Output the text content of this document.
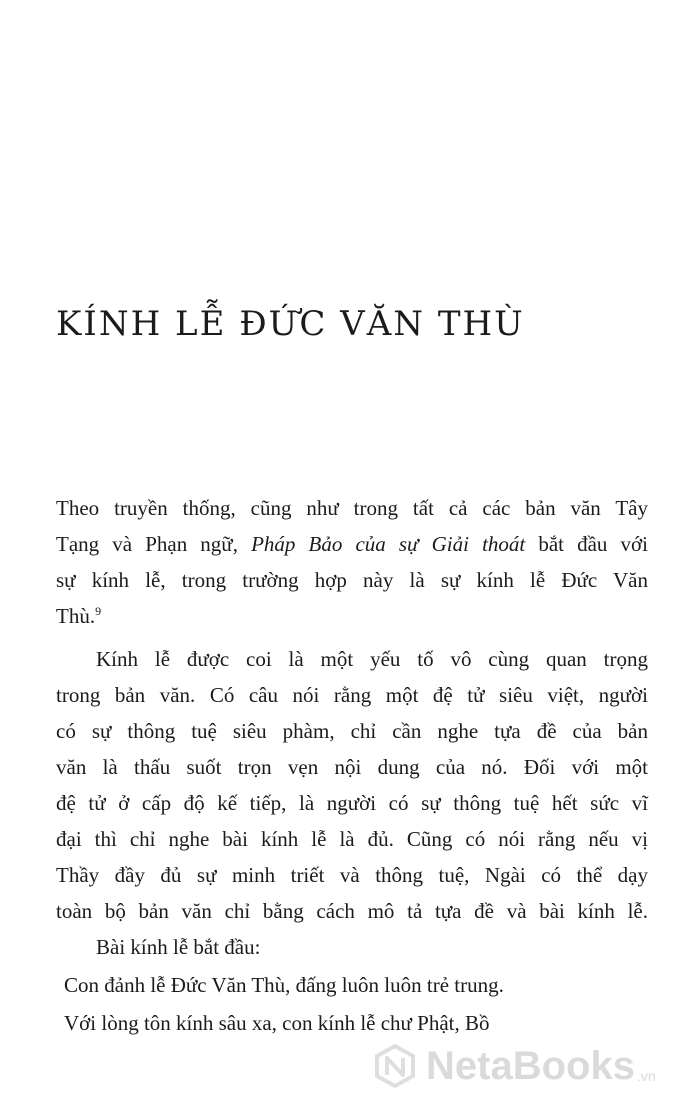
KÍNH LỄ ĐỨC VĂN THÙ

Theo truyền thống, cũng như trong tất cả các bản văn Tây
Tạng và Phạn ngữ, Pháp Bảo của sự Giải thoát bắt đầu với
sự kính lễ, trong trường hợp này là sự kính lễ Đức Văn
Thù.$^9$

Kính lễ được coi là một yếu tố vô cùng quan trọng
trong bản văn. Có câu nói rằng một đệ tử siêu việt, người
có sự thông tuệ siêu phàm, chỉ cần nghe tựa đề của bản
văn là thấu suốt trọn vẹn nội dung của nó. Đối với một
đệ tử ở cấp độ kế tiếp, là người có sự thông tuệ hết sức vĩ
đại thì chỉ nghe bài kính lễ là đủ. Cũng có nói rằng nếu vị
Thầy đầy đủ sự minh triết và thông tuệ, Ngài có thể dạy
toàn bộ bản văn chỉ bằng cách mô tả tựa đề và bài kính lễ.

Bài kính lễ bắt đầu:

Con đảnh lễ Đức Văn Thù, đấng luôn luôn trẻ trung.

Với lòng tôn kính sâu xa, con kính lễ chư Phật, Bồ

NetaBooks .vn
